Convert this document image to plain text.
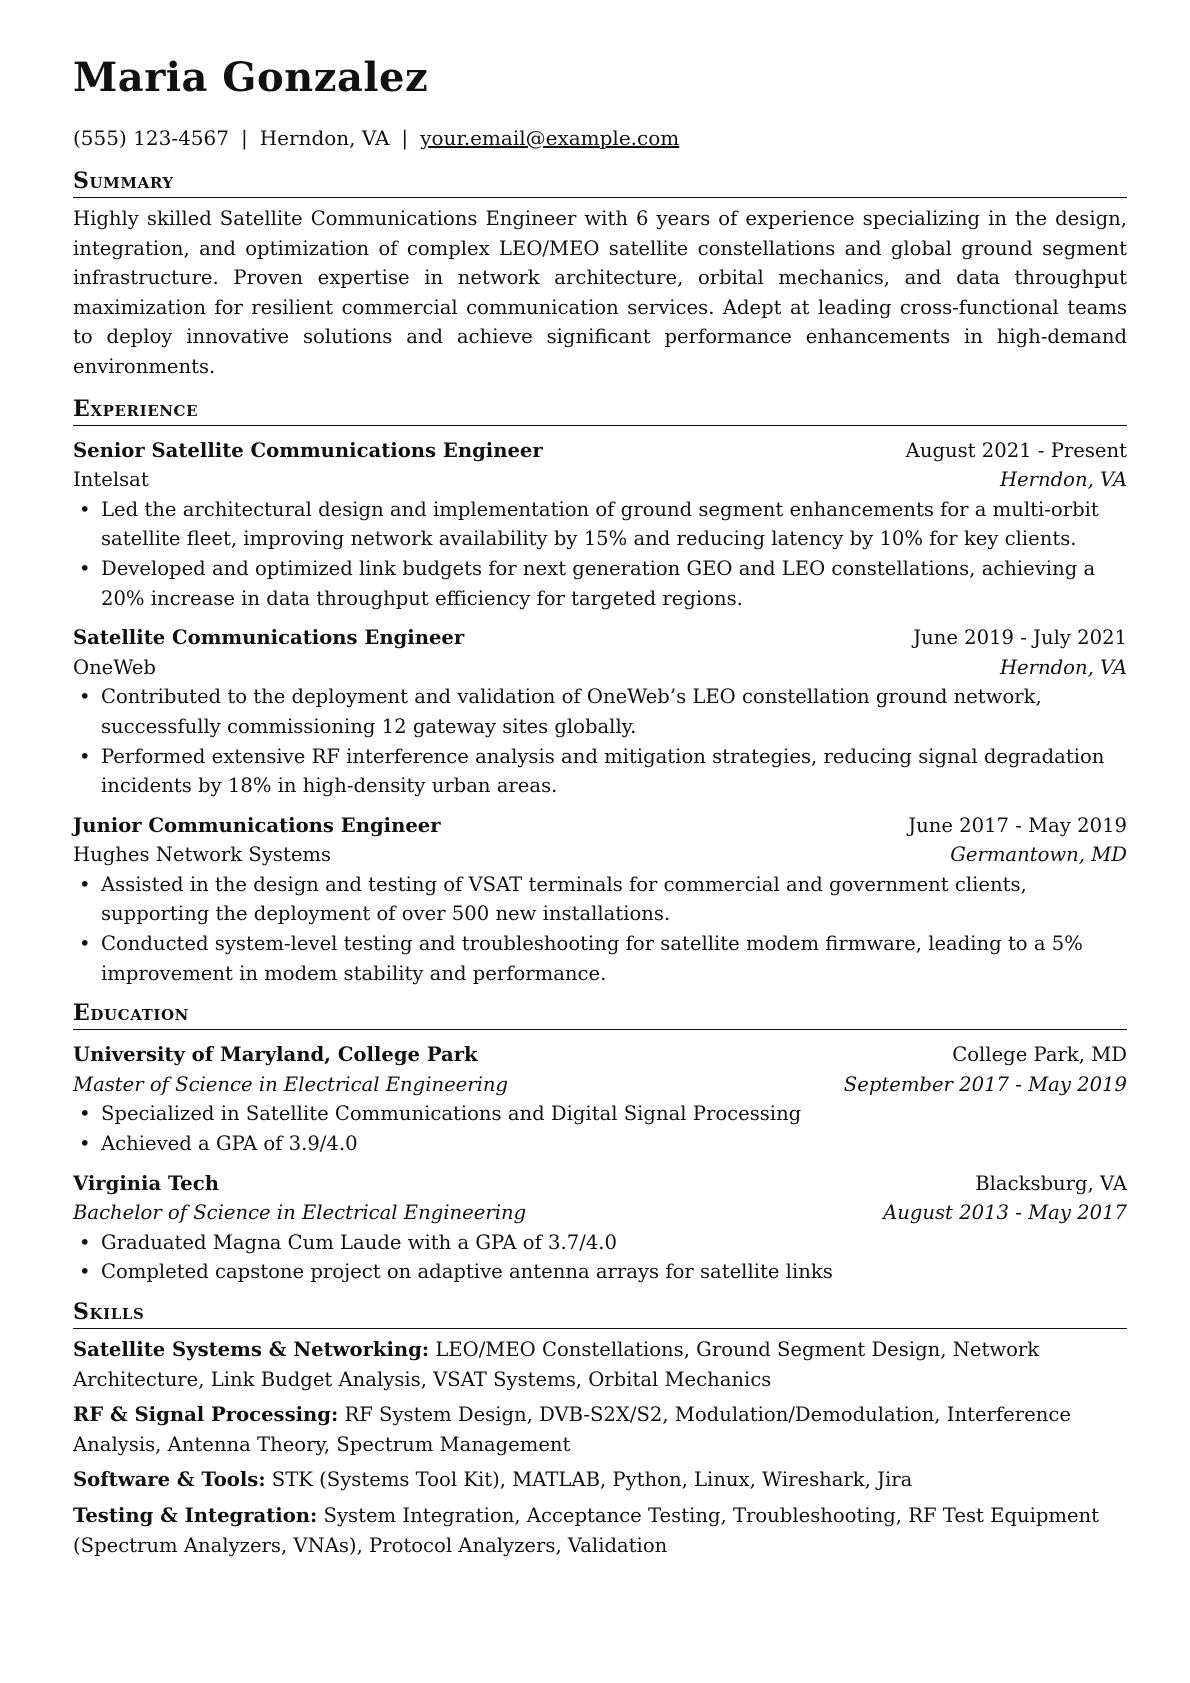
Maria Gonzalez
(555) 123-4567 | Herndon, VA | your.email@example.com
Summary
Highly skilled Satellite Communications Engineer with 6 years of experience specializing in the design, integration, and optimization of complex LEO/MEO satellite constellations and global ground segment infrastructure. Proven expertise in network architecture, orbital mechanics, and data throughput maximization for resilient commercial communication services. Adept at leading cross-functional teams to deploy innovative solutions and achieve significant performance enhancements in high-demand environments.
Experience
Senior Satellite Communications Engineer	August 2021 - Present
Intelsat	Herndon, VA
• Led the architectural design and implementation of ground segment enhancements for a multi-orbit satellite fleet, improving network availability by 15% and reducing latency by 10% for key clients.
• Developed and optimized link budgets for next generation GEO and LEO constellations, achieving a 20% increase in data throughput efficiency for targeted regions.
Satellite Communications Engineer	June 2019 - July 2021
OneWeb	Herndon, VA
• Contributed to the deployment and validation of OneWeb’s LEO constellation ground network, successfully commissioning 12 gateway sites globally.
• Performed extensive RF interference analysis and mitigation strategies, reducing signal degradation incidents by 18% in high-density urban areas.
Junior Communications Engineer	June 2017 - May 2019
Hughes Network Systems	Germantown, MD
• Assisted in the design and testing of VSAT terminals for commercial and government clients, supporting the deployment of over 500 new installations.
• Conducted system-level testing and troubleshooting for satellite modem firmware, leading to a 5% improvement in modem stability and performance.
Education
University of Maryland, College Park	College Park, MD
Master of Science in Electrical Engineering	September 2017 - May 2019
• Specialized in Satellite Communications and Digital Signal Processing
• Achieved a GPA of 3.9/4.0
Virginia Tech	Blacksburg, VA
Bachelor of Science in Electrical Engineering	August 2013 - May 2017
• Graduated Magna Cum Laude with a GPA of 3.7/4.0
• Completed capstone project on adaptive antenna arrays for satellite links
Skills
Satellite Systems & Networking: LEO/MEO Constellations, Ground Segment Design, Network Architecture, Link Budget Analysis, VSAT Systems, Orbital Mechanics
RF & Signal Processing: RF System Design, DVB-S2X/S2, Modulation/Demodulation, Interference Analysis, Antenna Theory, Spectrum Management
Software & Tools: STK (Systems Tool Kit), MATLAB, Python, Linux, Wireshark, Jira
Testing & Integration: System Integration, Acceptance Testing, Troubleshooting, RF Test Equipment (Spectrum Analyzers, VNAs), Protocol Analyzers, Validation
